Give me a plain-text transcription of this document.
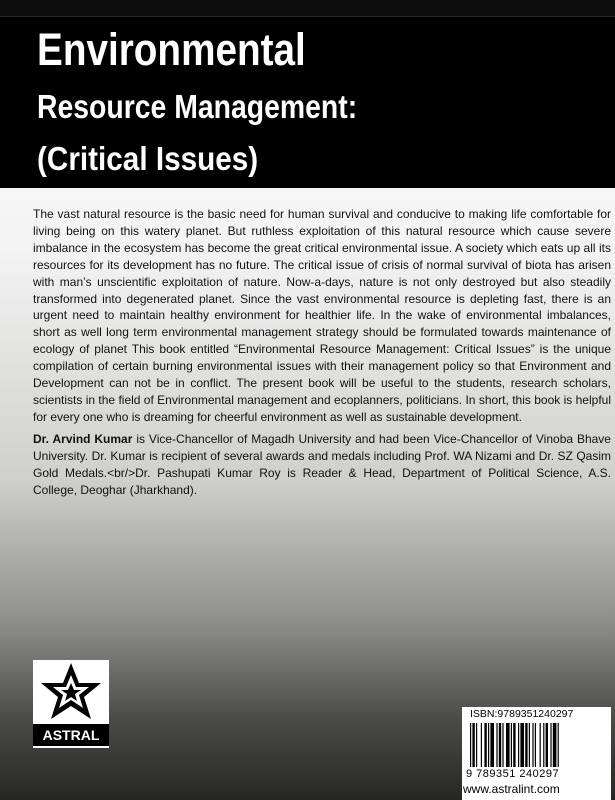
Environmental
Resource Management:
(Critical Issues)

The vast natural resource is the basic need for human survival and conducive to making life comfortable for living being on this watery planet. But ruthless exploitation of this natural resource which cause severe imbalance in the ecosystem has become the great critical environmental issue. A society which eats up all its resources for its development has no future. The critical issue of crisis of normal survival of biota has arisen with man’s unscientific exploitation of nature. Now-a-days, nature is not only destroyed but also steadily transformed into degenerated planet. Since the vast environmental resource is depleting fast, there is an urgent need to maintain healthy environment for healthier life. In the wake of environmental imbalances, short as well long term environmental management strategy should be formulated towards maintenance of ecology of planet This book entitled “Environmental Resource Management: Critical Issues” is the unique compilation of certain burning environmental issues with their management policy so that Environment and Development can not be in conflict. The present book will be useful to the students, research scholars, scientists in the field of Environmental management and ecoplanners, politicians. In short, this book is helpful for every one who is dreaming for cheerful environment as well as sustainable development.

Dr. Arvind Kumar is Vice-Chancellor of Magadh University and had been Vice-Chancellor of Vinoba Bhave University. Dr. Kumar is recipient of several awards and medals including Prof. WA Nizami and Dr. SZ Qasim Gold Medals.<br/>Dr. Pashupati Kumar Roy is Reader & Head, Department of Political Science, A.S. College, Deoghar (Jharkhand).

ASTRAL
ISBN:9789351240297
9 789351 240297
www.astralint.com
